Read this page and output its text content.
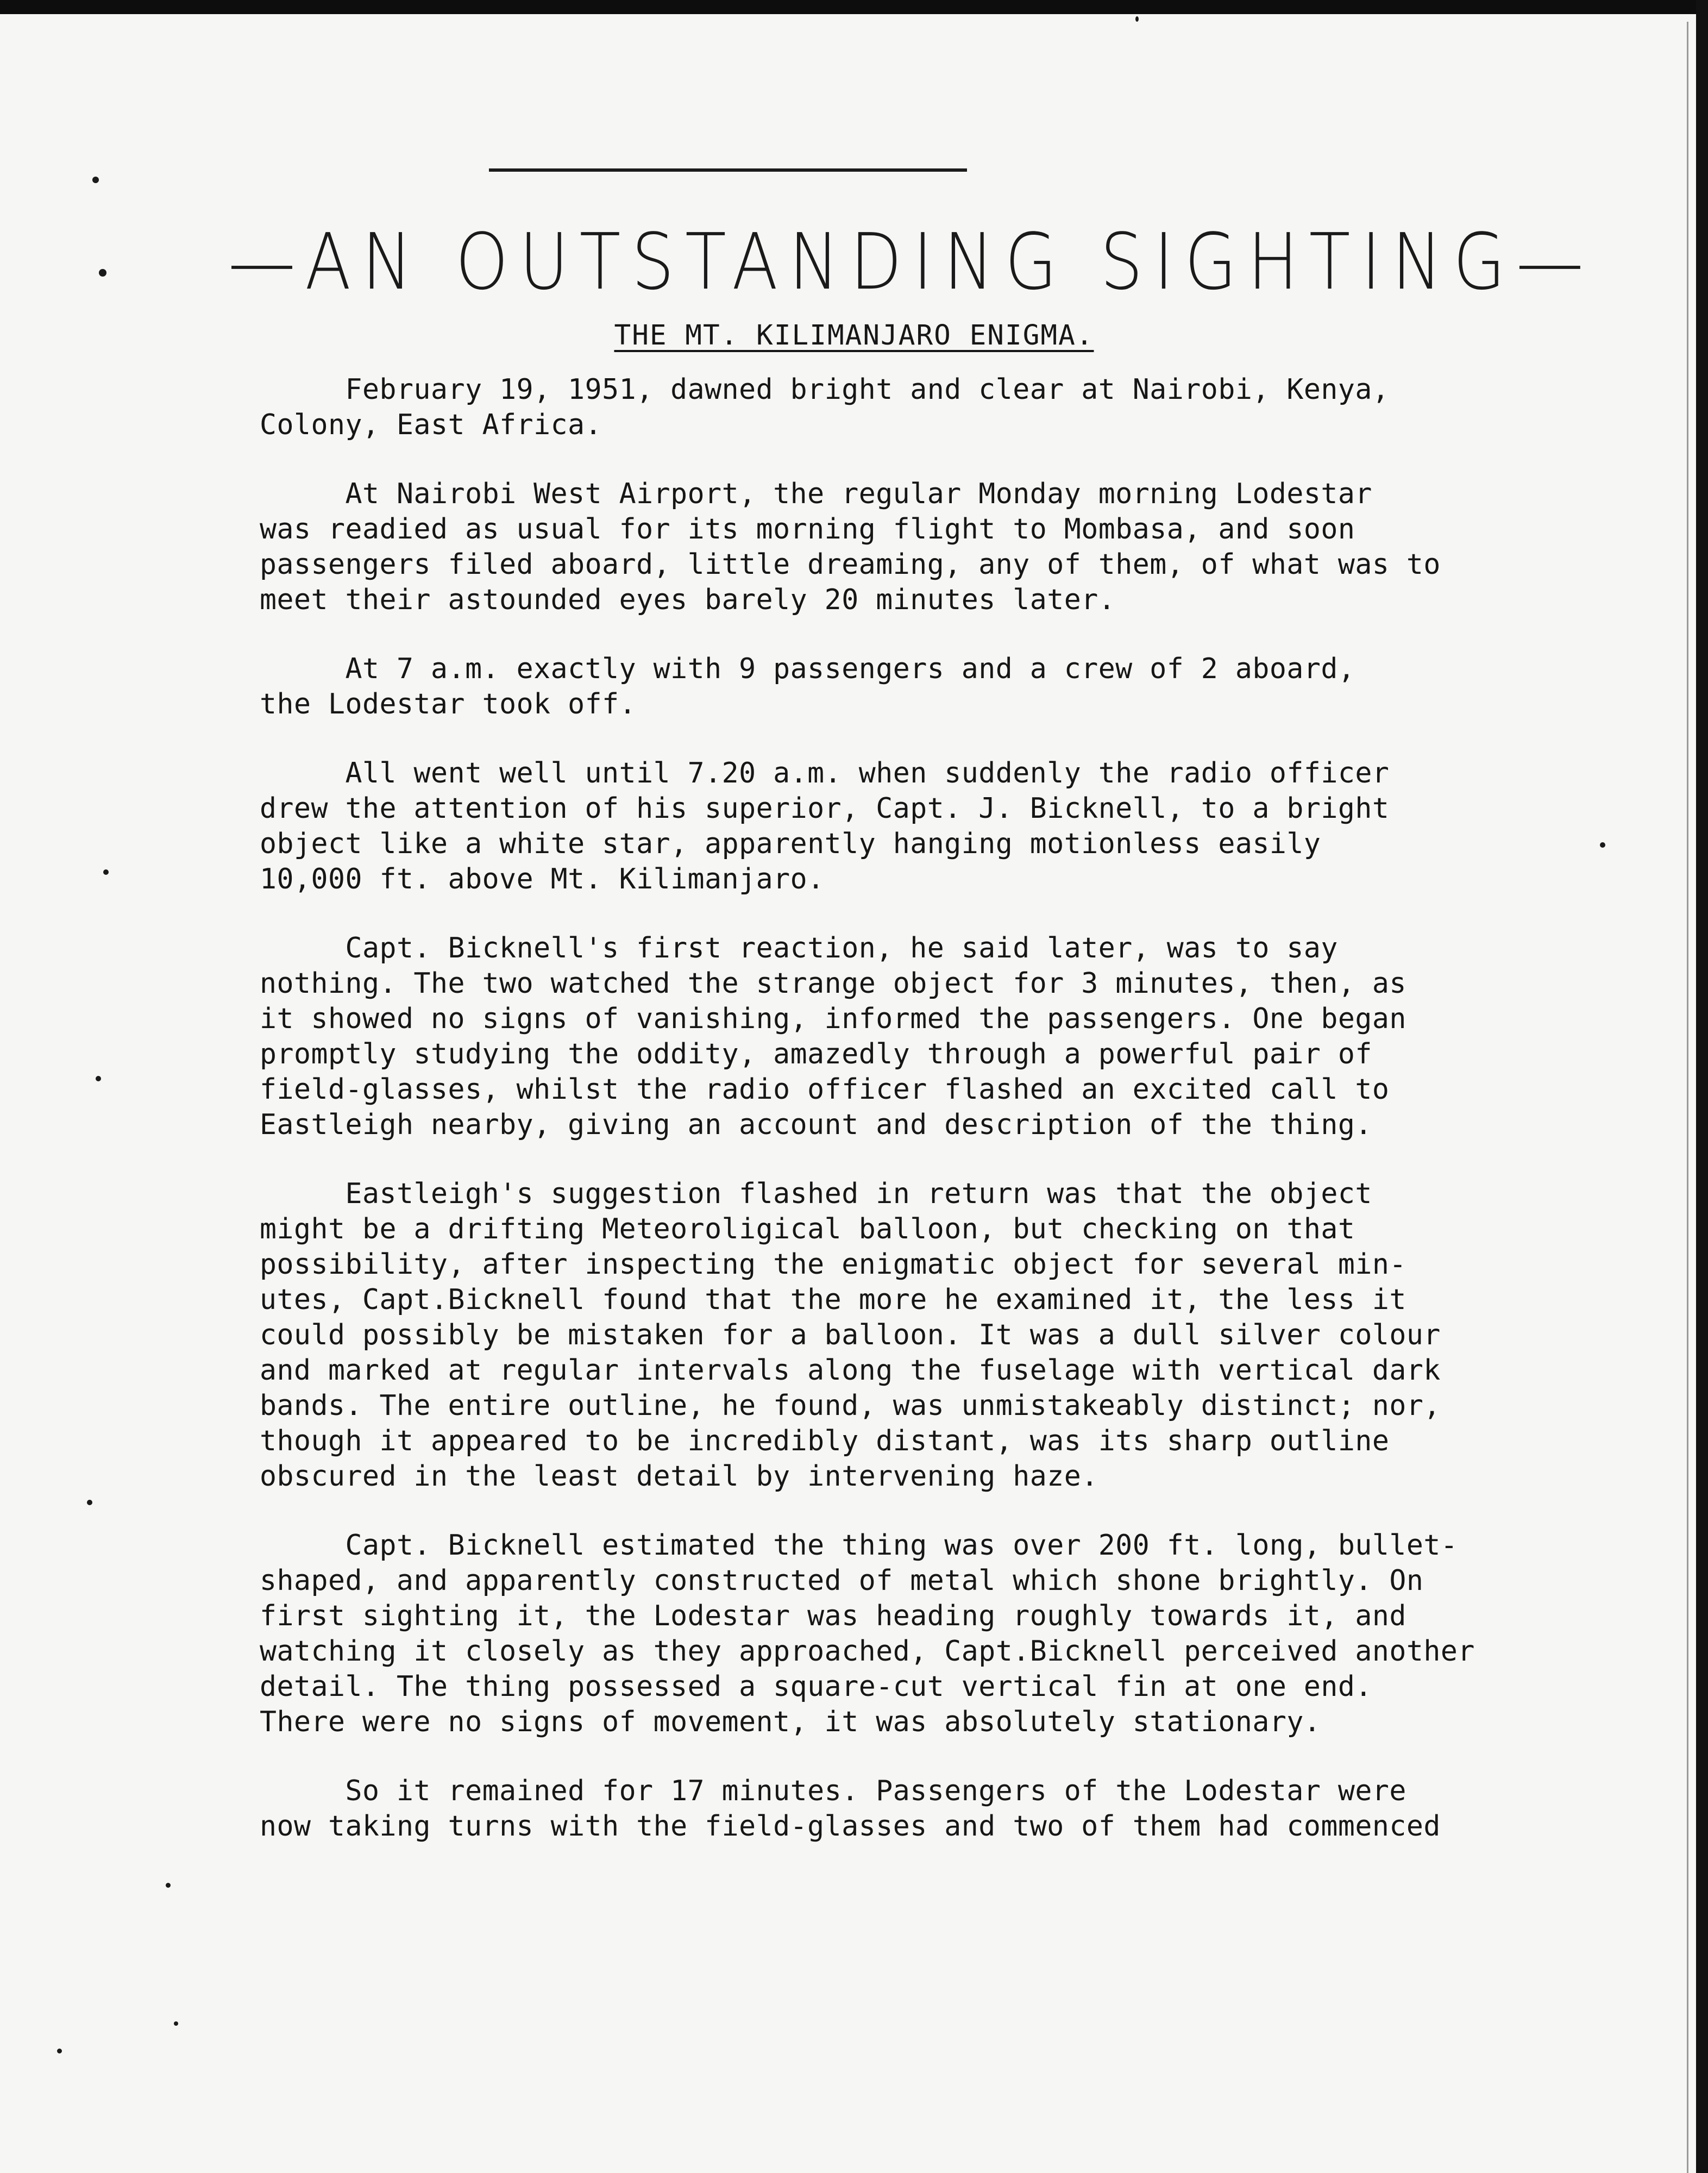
—AN OUTSTANDING SIGHTING—
THE MT. KILIMANJARO ENIGMA.

February 19, 1951, dawned bright and clear at Nairobi, Kenya,
Colony, East Africa.

At Nairobi West Airport, the regular Monday morning Lodestar
was readied as usual for its morning flight to Mombasa, and soon
passengers filed aboard, little dreaming, any of them, of what was to
meet their astounded eyes barely 20 minutes later.

At 7 a.m. exactly with 9 passengers and a crew of 2 aboard,
the Lodestar took off.

All went well until 7.20 a.m. when suddenly the radio officer
drew the attention of his superior, Capt. J. Bicknell, to a bright
object like a white star, apparently hanging motionless easily
10,000 ft. above Mt. Kilimanjaro.

Capt. Bicknell's first reaction, he said later, was to say
nothing. The two watched the strange object for 3 minutes, then, as
it showed no signs of vanishing, informed the passengers. One began
promptly studying the oddity, amazedly through a powerful pair of
field-glasses, whilst the radio officer flashed an excited call to
Eastleigh nearby, giving an account and description of the thing.

Eastleigh's suggestion flashed in return was that the object
might be a drifting Meteoroligical balloon, but checking on that
possibility, after inspecting the enigmatic object for several min-
utes, Capt.Bicknell found that the more he examined it, the less it
could possibly be mistaken for a balloon. It was a dull silver colour
and marked at regular intervals along the fuselage with vertical dark
bands. The entire outline, he found, was unmistakeably distinct; nor,
though it appeared to be incredibly distant, was its sharp outline
obscured in the least detail by intervening haze.

Capt. Bicknell estimated the thing was over 200 ft. long, bullet-
shaped, and apparently constructed of metal which shone brightly. On
first sighting it, the Lodestar was heading roughly towards it, and
watching it closely as they approached, Capt.Bicknell perceived another
detail. The thing possessed a square-cut vertical fin at one end.
There were no signs of movement, it was absolutely stationary.

So it remained for 17 minutes. Passengers of the Lodestar were
now taking turns with the field-glasses and two of them had commenced
